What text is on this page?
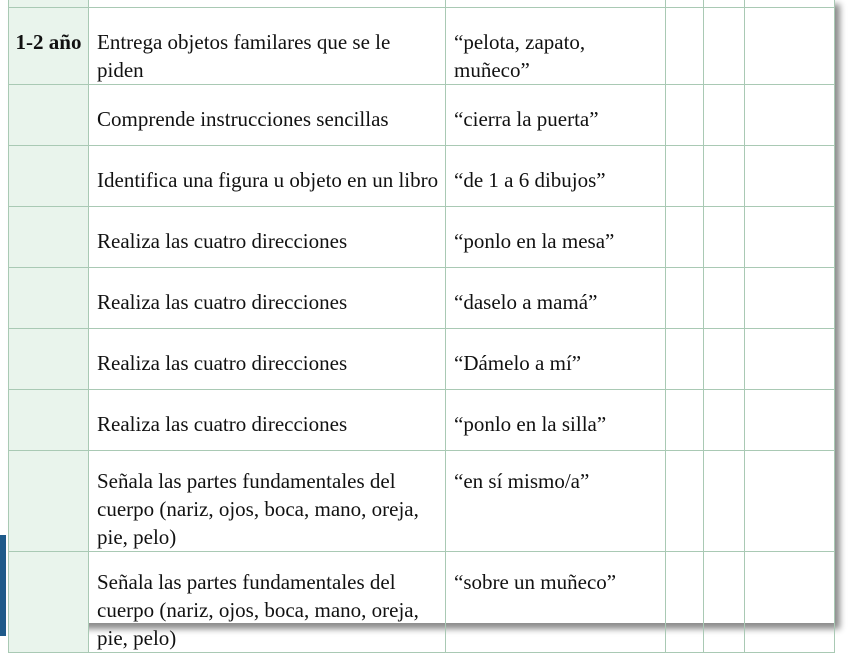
1-2 año	Entrega objetos familares que se le piden	“pelota, zapato, muñeco”			

	Comprende instrucciones sencillas	“cierra la puerta”			

	Identifica una figura u objeto en un libro	“de 1 a 6 dibujos”			

	Realiza las cuatro direcciones	“ponlo en la mesa”			

	Realiza las cuatro direcciones	“daselo a mamá”			

	Realiza las cuatro direcciones	“Dámelo a mí”			

	Realiza las cuatro direcciones	“ponlo en la silla”			

	Señala las partes fundamentales del cuerpo (nariz, ojos, boca, mano, oreja, pie, pelo)	“en sí mismo/a”			

	Señala las partes fundamentales del cuerpo (nariz, ojos, boca, mano, oreja, pie, pelo)	“sobre un muñeco”			
